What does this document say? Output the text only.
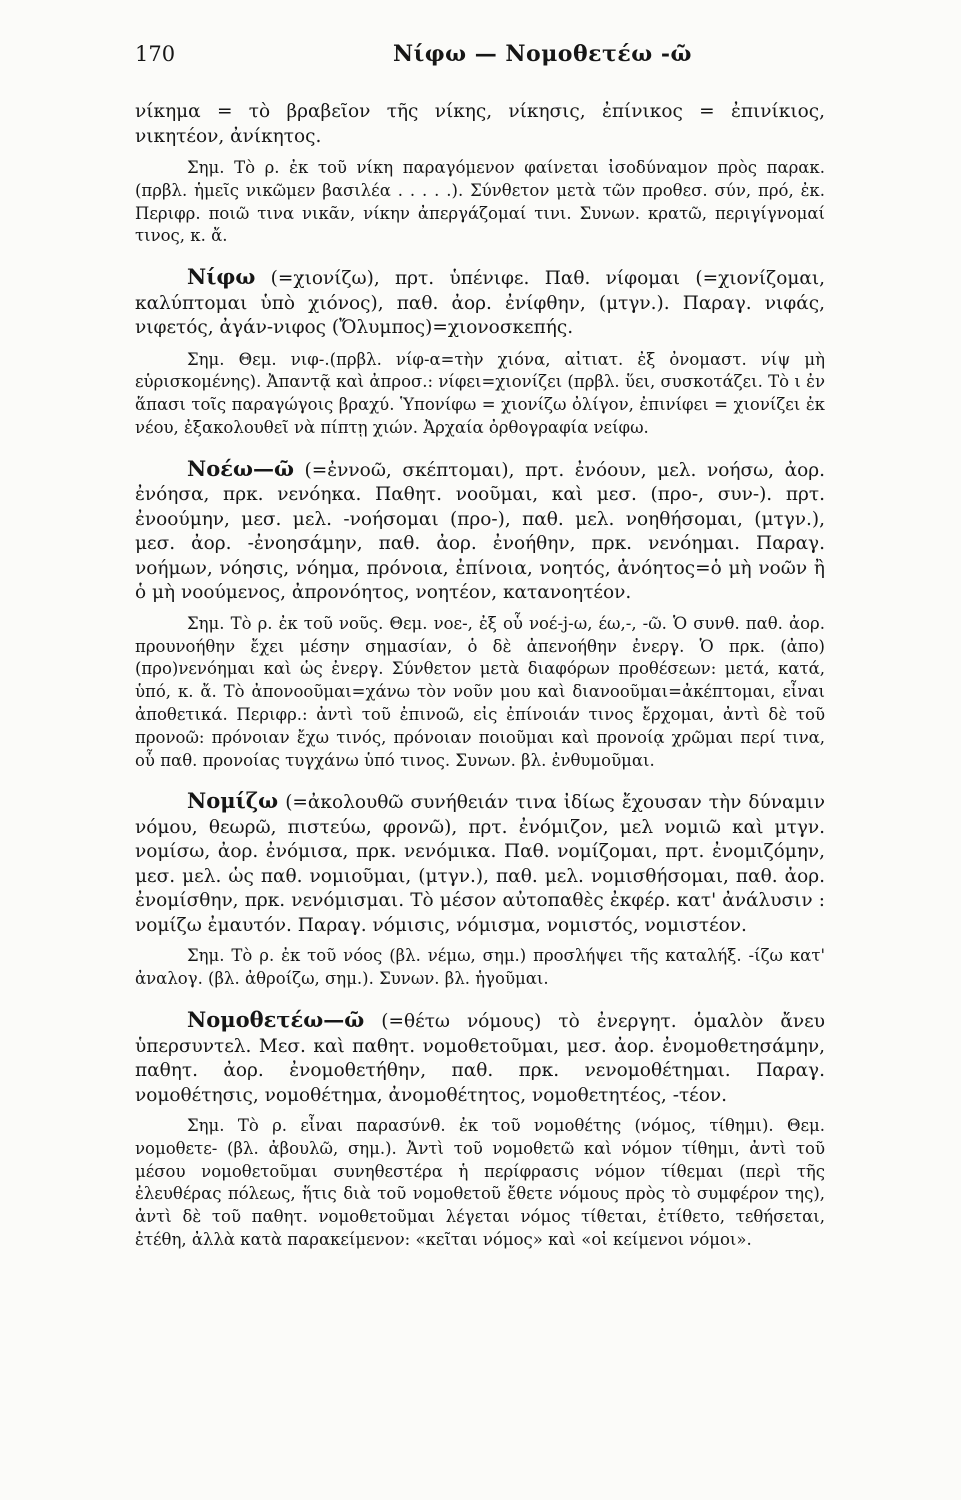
170	Νίφω — Νομοθετέω -ῶ

νίκημα = τὸ βραβεῖον τῆς νίκης, νίκησις, ἐπίνικος = ἐπινίκιος, νικητέον, ἀνίκητος.

Σημ. Τὸ ρ. ἐκ τοῦ νίκη παραγόμενον φαίνεται ἰσοδύναμον πρὸς παρακ. (πρβλ. ἡμεῖς νικῶμεν βασιλέα . . . . .). Σύνθετον μετὰ τῶν προθεσ. σύν, πρό, ἐκ. Περιφρ. ποιῶ τινα νικᾶν, νίκην ἀπεργάζομαί τινι. Συνων. κρατῶ, περιγίγνομαί τινος, κ. ἄ.

Νίφω (=χιονίζω), πρτ. ὑπένιφε. Παθ. νίφομαι (=χιονίζομαι, καλύπτομαι ὑπὸ χιόνος), παθ. ἀορ. ἐνίφθην, (μτγν.). Παραγ. νιφάς, νιφετός, ἀγάν-νιφος (Ὄλυμπος)=χιονοσκεπής.

Σημ. Θεμ. νιφ-.(πρβλ. νίφ-α=τὴν χιόνα, αἰτιατ. ἐξ ὀνομαστ. νίψ μὴ εὑρισκομένης). Ἀπαντᾷ καὶ ἀπροσ.: νίφει=χιονίζει (πρβλ. ὕει, συσκοτάζει. Τὸ ι ἐν ἅπασι τοῖς παραγώγοις βραχύ. Ὑπονίφω = χιονίζω ὀλίγον, ἐπινίφει = χιονίζει ἐκ νέου, ἐξακολουθεῖ νὰ πίπτῃ χιών. Ἀρχαία ὀρθογραφία νείφω.

Νοέω—ῶ (=ἐννοῶ, σκέπτομαι), πρτ. ἐνόουν, μελ. νοήσω, ἀορ. ἐνόησα, πρκ. νενόηκα. Παθητ. νοοῦμαι, καὶ μεσ. (προ-, συν-). πρτ. ἐνοούμην, μεσ. μελ. -νοήσομαι (προ-), παθ. μελ. νοηθήσομαι, (μτγν.), μεσ. ἀορ. -ἐνοησάμην, παθ. ἀορ. ἐνοήθην, πρκ. νενόημαι. Παραγ. νοήμων, νόησις, νόημα, πρόνοια, ἐπίνοια, νοητός, ἀνόητος=ὁ μὴ νοῶν ἢ ὁ μὴ νοούμενος, ἀπρονόητος, νοητέον, κατανοητέον.

Σημ. Τὸ ρ. ἐκ τοῦ νοῦς. Θεμ. νοε-, ἐξ οὗ νοέ-j-ω, έω,-, -ῶ. Ὁ συνθ. παθ. ἀορ. προυνοήθην ἔχει μέσην σημασίαν, ὁ δὲ ἀπενοήθην ἐνεργ. Ὁ πρκ. (ἀπο) (προ)νενόημαι καὶ ὡς ἐνεργ. Σύνθετον μετὰ διαφόρων προθέσεων: μετά, κατά, ὑπό, κ. ἄ. Τὸ ἀπονοοῦμαι=χάνω τὸν νοῦν μου καὶ διανοοῦμαι=ἀκέπτομαι, εἶναι ἀποθετικά. Περιφρ.: ἀντὶ τοῦ ἐπινοῶ, εἰς ἐπίνοιάν τινος ἔρχομαι, ἀντὶ δὲ τοῦ προνοῶ: πρόνοιαν ἔχω τινός, πρόνοιαν ποιοῦμαι καὶ προνοίᾳ χρῶμαι περί τινα, οὗ παθ. προνοίας τυγχάνω ὑπό τινος. Συνων. βλ. ἐνθυμοῦμαι.

Νομίζω (=ἀκολουθῶ συνήθειάν τινα ἰδίως ἔχουσαν τὴν δύναμιν νόμου, θεωρῶ, πιστεύω, φρονῶ), πρτ. ἐνόμιζον, μελ νομιῶ καὶ μτγν. νομίσω, ἀορ. ἐνόμισα, πρκ. νενόμικα. Παθ. νομίζομαι, πρτ. ἐνομιζόμην, μεσ. μελ. ὡς παθ. νομιοῦμαι, (μτγν.), παθ. μελ. νομισθήσομαι, παθ. ἀορ. ἐνομίσθην, πρκ. νενόμισμαι. Τὸ μέσον αὐτοπαθὲς ἐκφέρ. κατ' ἀνάλυσιν : νομίζω ἐμαυτόν. Παραγ. νόμισις, νόμισμα, νομιστός, νομιστέον.

Σημ. Τὸ ρ. ἐκ τοῦ νόος (βλ. νέμω, σημ.) προσλήψει τῆς καταλήξ. -ίζω κατ' ἀναλογ. (βλ. ἀθροίζω, σημ.). Συνων. βλ. ἡγοῦμαι.

Νομοθετέω—ῶ (=θέτω νόμους) τὸ ἐνεργητ. ὁμαλὸν ἄνευ ὑπερσυντελ. Μεσ. καὶ παθητ. νομοθετοῦμαι, μεσ. ἀορ. ἐνομοθετησάμην, παθητ. ἀορ. ἐνομοθετήθην, παθ. πρκ. νενομοθέτημαι. Παραγ. νομοθέτησις, νομοθέτημα, ἀνομοθέτητος, νομοθετητέος, -τέον.

Σημ. Τὸ ρ. εἶναι παρασύνθ. ἐκ τοῦ νομοθέτης (νόμος, τίθημι). Θεμ. νομοθετε- (βλ. ἀβουλῶ, σημ.). Ἀντὶ τοῦ νομοθετῶ καὶ νόμον τίθημι, ἀντὶ τοῦ μέσου νομοθετοῦμαι συνηθεστέρα ἡ περίφρασις νόμον τίθεμαι (περὶ τῆς ἐλευθέρας πόλεως, ἥτις διὰ τοῦ νομοθετοῦ ἔθετε νόμους πρὸς τὸ συμφέρον της), ἀντὶ δὲ τοῦ παθητ. νομοθετοῦμαι λέγεται νόμος τίθεται, ἐτίθετο, τεθήσεται, ἐτέθη, ἀλλὰ κατὰ παρακείμενον: «κεῖται νόμος» καὶ «οἱ κείμενοι νόμοι».
